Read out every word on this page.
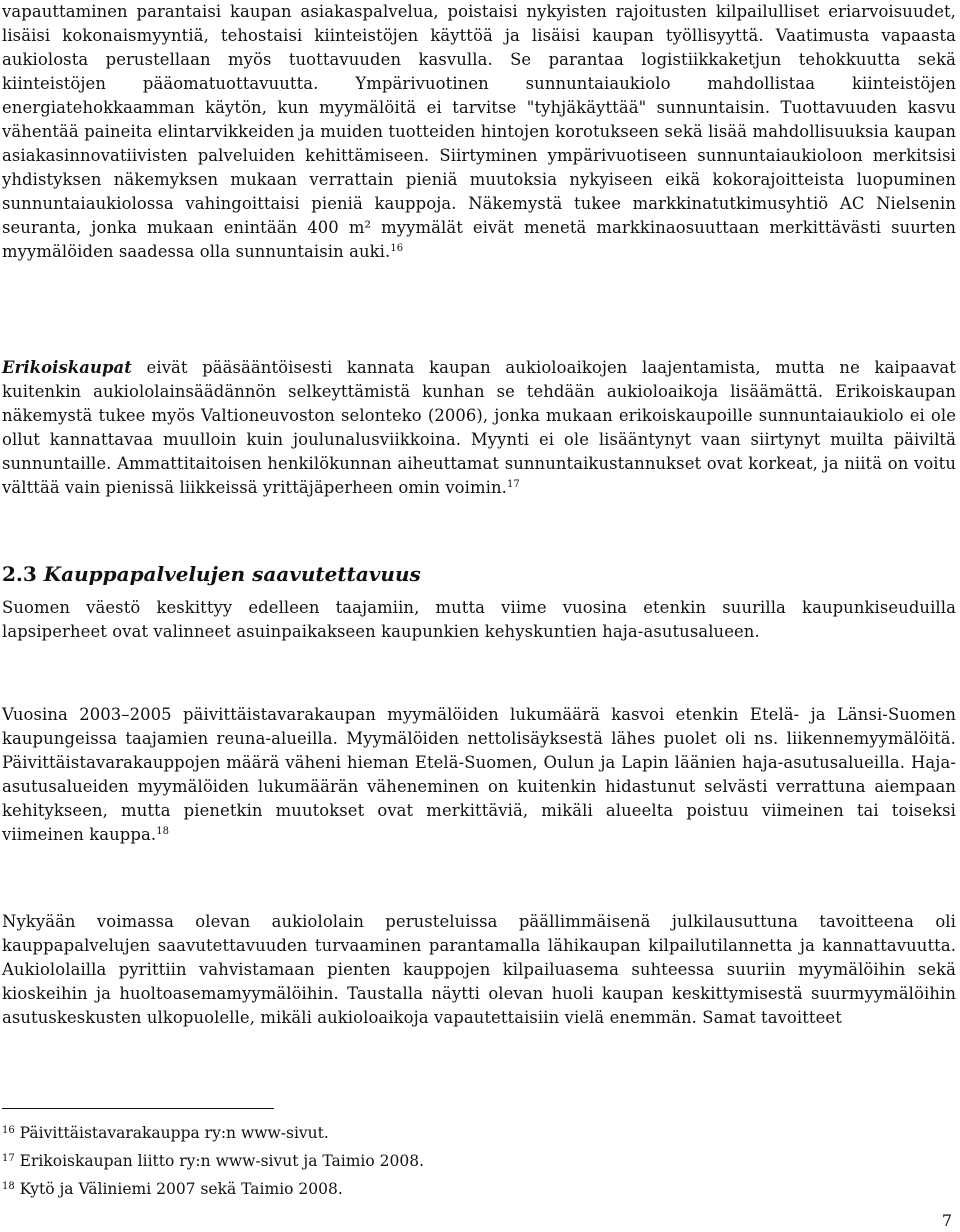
vapauttaminen parantaisi kaupan asiakaspalvelua, poistaisi nykyisten rajoitusten kilpailulliset eriarvoisuudet, lisäisi kokonaismyyntiä, tehostaisi kiinteistöjen käyttöä ja lisäisi kaupan työllisyyttä. Vaatimusta vapaasta aukiolosta perustellaan myös tuottavuuden kasvulla. Se parantaa logistiikkaketjun tehokkuutta sekä kiinteistöjen pääomatuottavuutta. Ympärivuotinen sunnuntaiaukiolo mahdollistaa kiinteistöjen energiatehokkaamman käytön, kun myymälöitä ei tarvitse "tyhjäkäyttää" sunnuntaisin. Tuottavuuden kasvu vähentää paineita elintarvikkeiden ja muiden tuotteiden hintojen korotukseen sekä lisää mahdollisuuksia kaupan asiakasinnovatiivisten palveluiden kehittämiseen. Siirtyminen ympärivuotiseen sunnuntaiaukioloon merkitsisi yhdistyksen näkemyksen mukaan verrattain pieniä muutoksia nykyiseen eikä kokorajoitteista luopuminen sunnuntaiaukiolossa vahingoittaisi pieniä kauppoja. Näkemystä tukee markkinatutkimusyhtiö AC Nielsenin seuranta, jonka mukaan enintään 400 m² myymälät eivät menetä markkinaosuuttaan merkittävästi suurten myymälöiden saadessa olla sunnuntaisin auki.$^{16}$

Erikoiskaupat eivät pääsääntöisesti kannata kaupan aukioloaikojen laajentamista, mutta ne kaipaavat kuitenkin aukiololainsäädännön selkeyttämistä kunhan se tehdään aukioloaikoja lisäämättä. Erikoiskaupan näkemystä tukee myös Valtioneuvoston selonteko (2006), jonka mukaan erikoiskaupoille sunnuntaiaukiolo ei ole ollut kannattavaa muulloin kuin joulunalusviikkoina. Myynti ei ole lisääntynyt vaan siirtynyt muilta päiviltä sunnuntaille. Ammattitaitoisen henkilökunnan aiheuttamat sunnuntaikustannukset ovat korkeat, ja niitä on voitu välttää vain pienissä liikkeissä yrittäjäperheen omin voimin.$^{17}$

2.3 Kauppapalvelujen saavutettavuus

Suomen väestö keskittyy edelleen taajamiin, mutta viime vuosina etenkin suurilla kaupunkiseuduilla lapsiperheet ovat valinneet asuinpaikakseen kaupunkien kehyskuntien haja-asutusalueen.

Vuosina 2003–2005 päivittäistavarakaupan myymälöiden lukumäärä kasvoi etenkin Etelä- ja Länsi-Suomen kaupungeissa taajamien reuna-alueilla. Myymälöiden nettolisäyksestä lähes puolet oli ns. liikennemyymälöitä. Päivittäistavarakauppojen määrä väheni hieman Etelä-Suomen, Oulun ja Lapin läänien haja-asutusalueilla. Haja-asutusalueiden myymälöiden lukumäärän väheneminen on kuitenkin hidastunut selvästi verrattuna aiempaan kehitykseen, mutta pienetkin muutokset ovat merkittäviä, mikäli alueelta poistuu viimeinen tai toiseksi viimeinen kauppa.$^{18}$

Nykyään voimassa olevan aukiololain perusteluissa päällimmäisenä julkilausuttuna tavoitteena oli kauppapalvelujen saavutettavuuden turvaaminen parantamalla lähikaupan kilpailutilannetta ja kannattavuutta. Aukiololailla pyrittiin vahvistamaan pienten kauppojen kilpailuasema suhteessa suuriin myymälöihin sekä kioskeihin ja huoltoasemamyymälöihin. Taustalla näytti olevan huoli kaupan keskittymisestä suurmyymälöihin asutuskeskusten ulkopuolelle, mikäli aukioloaikoja vapautettaisiin vielä enemmän. Samat tavoitteet

$^{16}$ Päivittäistavarakauppa ry:n www-sivut.

$^{17}$ Erikoiskaupan liitto ry:n www-sivut ja Taimio 2008.

$^{18}$ Kytö ja Väliniemi 2007 sekä Taimio 2008.

7
